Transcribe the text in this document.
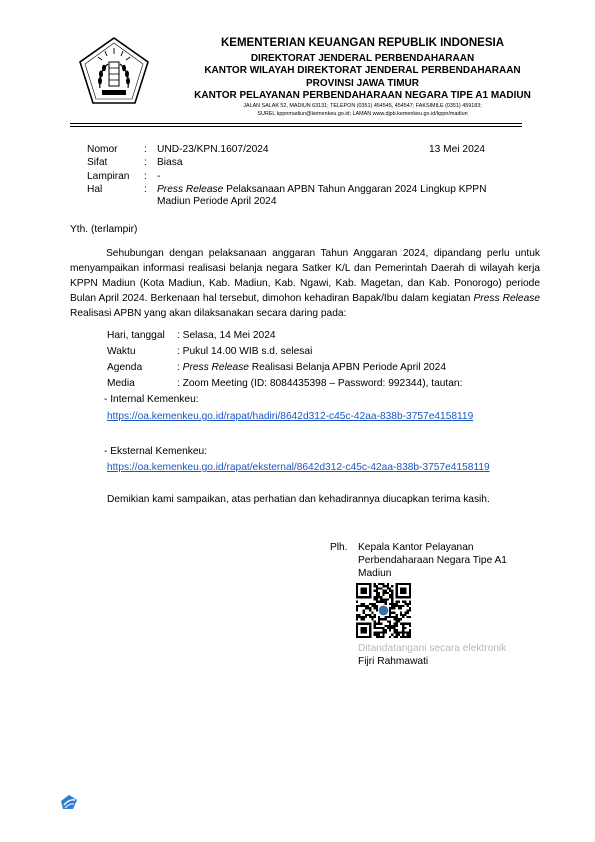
KEMENTERIAN KEUANGAN REPUBLIK INDONESIA
DIREKTORAT JENDERAL PERBENDAHARAAN
KANTOR WILAYAH DIREKTORAT JENDERAL PERBENDAHARAAN
PROVINSI JAWA TIMUR
KANTOR PELAYANAN PERBENDAHARAAN NEGARA TIPE A1 MADIUN
JALAN SALAK 52, MADIUN 63131; TELEPON (0351) 454545, 454547; FAKSIMILE (0351) 459183;
SUREL kppnmadiun@kemenkeu.go.id; LAMAN www.djpb.kemenkeu.go.id/kppn/madiun
Nomor	: UND-23/KPN.1607/2024	13 Mei 2024
Sifat	: Biasa
Lampiran : -
Hal	: Press Release Pelaksanaan APBN Tahun Anggaran 2024 Lingkup KPPN
Madiun Periode April 2024
Yth. (terlampir)
Sehubungan dengan pelaksanaan anggaran Tahun Anggaran 2024, dipandang perlu untuk menyampaikan informasi realisasi belanja negara Satker K/L dan Pemerintah Daerah di wilayah kerja KPPN Madiun (Kota Madiun, Kab. Madiun, Kab. Ngawi, Kab. Magetan, dan Kab. Ponorogo) periode Bulan April 2024. Berkenaan hal tersebut, dimohon kehadiran Bapak/Ibu dalam kegiatan Press Release Realisasi APBN yang akan dilaksanakan secara daring pada:
Hari, tanggal : Selasa, 14 Mei 2024
Waktu	: Pukul 14.00 WIB s.d. selesai
Agenda	: Press Release Realisasi Belanja APBN Periode April 2024
Media	: Zoom Meeting (ID: 8084435398 – Password: 992344), tautan:
- Internal Kemenkeu:
https://oa.kemenkeu.go.id/rapat/hadiri/8642d312-c45c-42aa-838b-3757e4158119
- Eksternal Kemenkeu:
https://oa.kemenkeu.go.id/rapat/eksternal/8642d312-c45c-42aa-838b-3757e4158119
Demikian kami sampaikan, atas perhatian dan kehadirannya diucapkan terima kasih.
Plh. Kepala Kantor Pelayanan
Perbendaharaan Negara Tipe A1
Madiun
Ditandatangani secara elektronik
Fijri Rahmawati
